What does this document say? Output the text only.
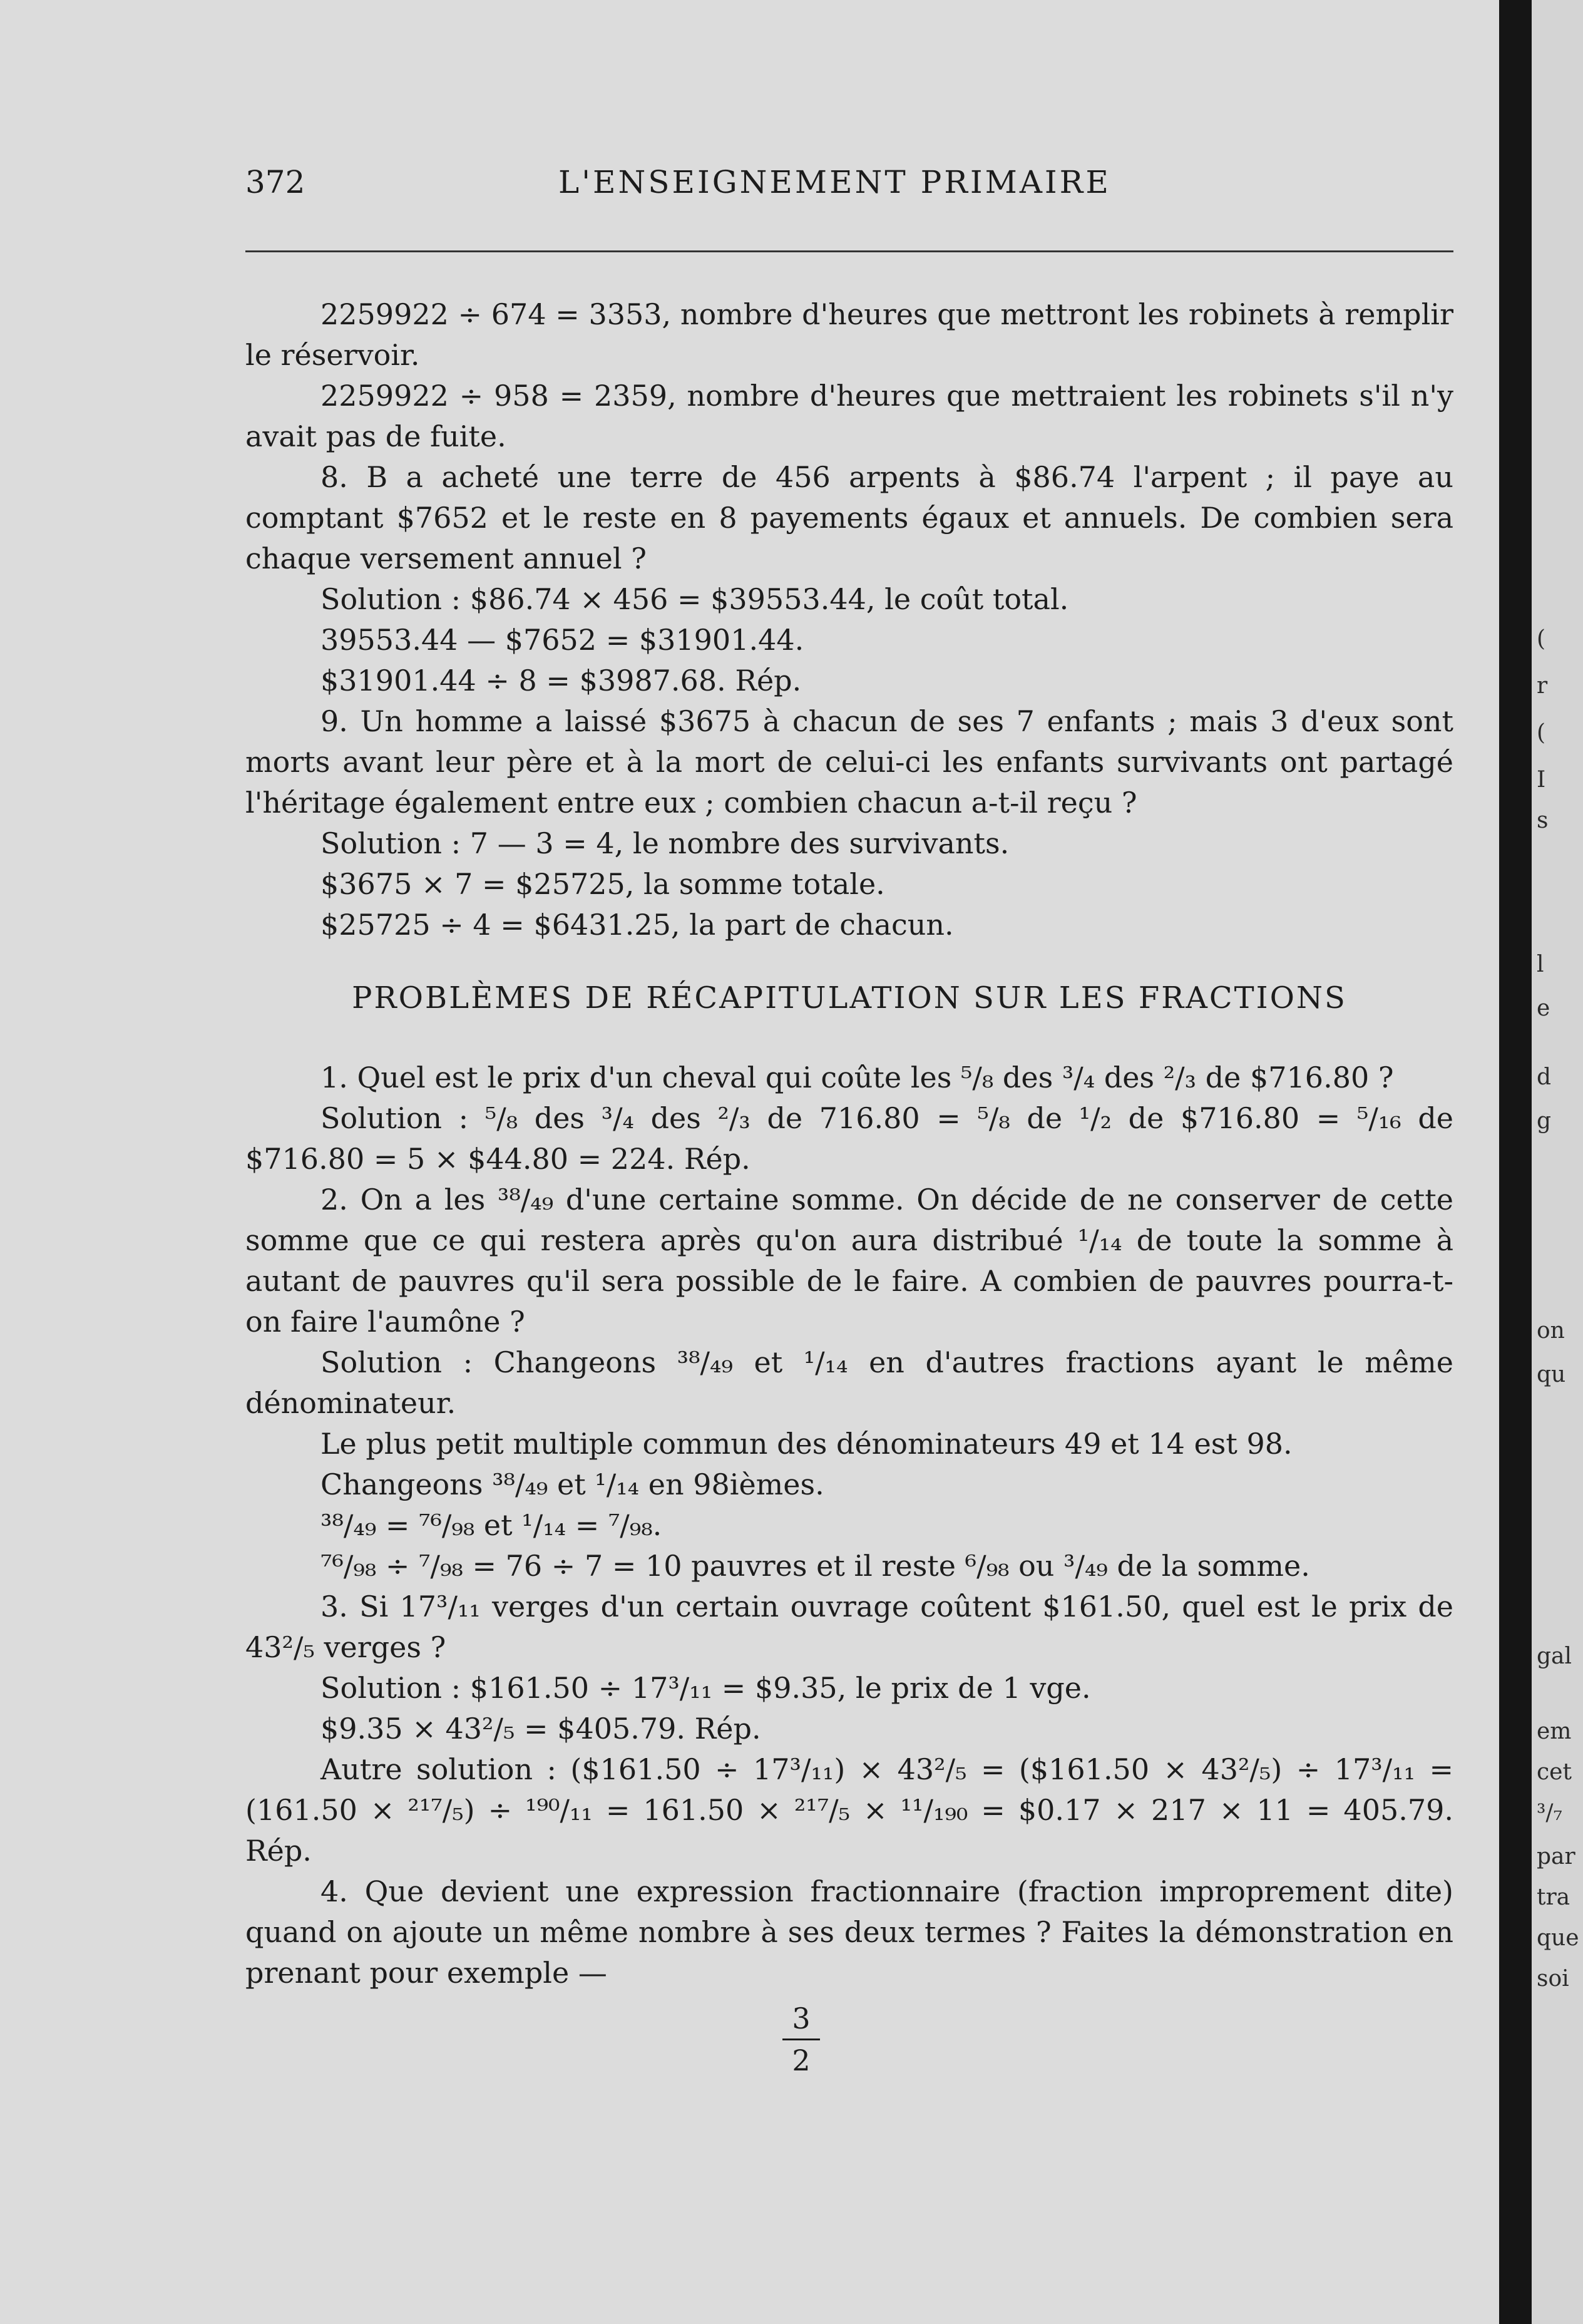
372	L'ENSEIGNEMENT PRIMAIRE

2259922 ÷ 674 = 3353, nombre d'heures que mettront les robinets à remplir le réservoir.

2259922 ÷ 958 = 2359, nombre d'heures que mettraient les robinets s'il n'y avait pas de fuite.

8. B a acheté une terre de 456 arpents à $86.74 l'arpent ; il paye au comptant $7652 et le reste en 8 payements égaux et annuels. De combien sera chaque versement annuel ?

Solution : $86.74 × 456 = $39553.44, le coût total.

39553.44 — $7652 = $31901.44.

$31901.44 ÷ 8 = $3987.68. Rép.

9. Un homme a laissé $3675 à chacun de ses 7 enfants ; mais 3 d'eux sont morts avant leur père et à la mort de celui-ci les enfants survivants ont partagé l'héritage également entre eux ; combien chacun a-t-il reçu ?

Solution : 7 — 3 = 4, le nombre des survivants.

$3675 × 7 = $25725, la somme totale.

$25725 ÷ 4 = $6431.25, la part de chacun.

PROBLÈMES DE RÉCAPITULATION SUR LES FRACTIONS

1. Quel est le prix d'un cheval qui coûte les ⁵/₈ des ³/₄ des ²/₃ de $716.80 ?

Solution : ⁵/₈ des ³/₄ des ²/₃ de 716.80 = ⁵/₈ de ¹/₂ de $716.80 = ⁵/₁₆ de $716.80 = 5 × $44.80 = 224. Rép.

2. On a les ³⁸/₄₉ d'une certaine somme. On décide de ne conserver de cette somme que ce qui restera après qu'on aura distribué ¹/₁₄ de toute la somme à autant de pauvres qu'il sera possible de le faire. A combien de pauvres pourra-t-on faire l'aumône ?

Solution : Changeons ³⁸/₄₉ et ¹/₁₄ en d'autres fractions ayant le même dénominateur.

Le plus petit multiple commun des dénominateurs 49 et 14 est 98.

Changeons ³⁸/₄₉ et ¹/₁₄ en 98ièmes.

³⁸/₄₉ = ⁷⁶/₉₈ et ¹/₁₄ = ⁷/₉₈.

⁷⁶/₉₈ ÷ ⁷/₉₈ = 76 ÷ 7 = 10 pauvres et il reste ⁶/₉₈ ou ³/₄₉ de la somme.

3. Si 17³/₁₁ verges d'un certain ouvrage coûtent $161.50, quel est le prix de 43²/₅ verges ?

Solution : $161.50 ÷ 17³/₁₁ = $9.35, le prix de 1 vge.

$9.35 × 43²/₅ = $405.79. Rép.

Autre solution : ($161.50 ÷ 17³/₁₁) × 43²/₅ = ($161.50 × 43²/₅) ÷ 17³/₁₁ = (161.50 × ²¹⁷/₅) ÷ ¹⁹⁰/₁₁ = 161.50 × ²¹⁷/₅ × ¹¹/₁₉₀ = $0.17 × 217 × 11 = 405.79. Rép.

4. Que devient une expression fractionnaire (fraction improprement dite) quand on ajoute un même nombre à ses deux termes ? Faites la démonstration en prenant pour exemple —

3
2
(
r
(
I
s
l
e
d
g
on
qu
gal
em
cet
³/₇
par
tra
que
soi
